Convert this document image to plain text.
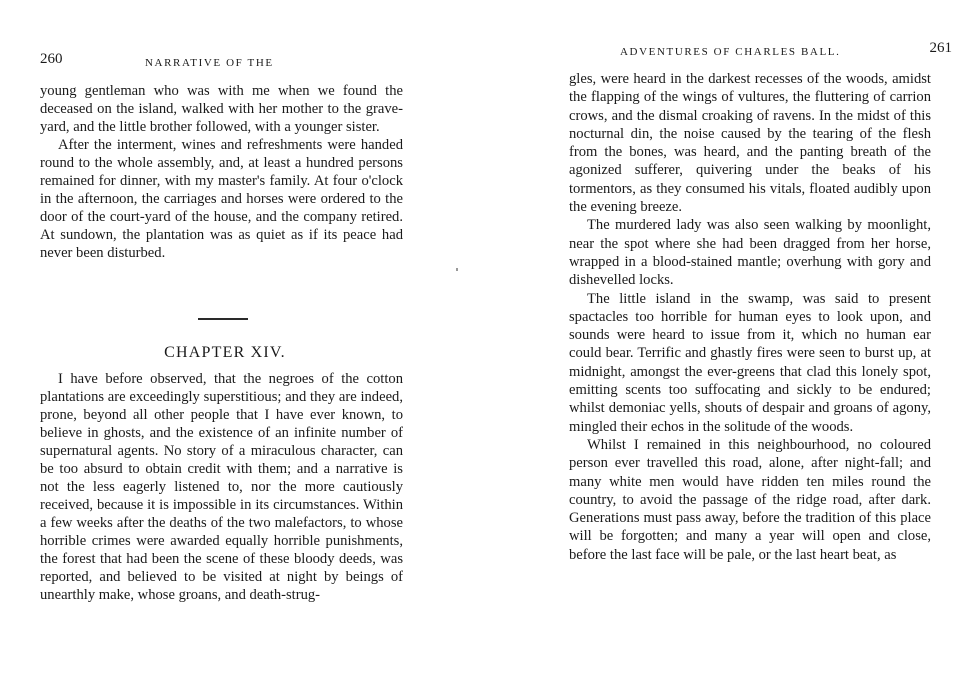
260	NARRATIVE OF THE

young gentleman who was with me when we found the deceased on the island, walked with her mother to the grave-yard, and the little brother followed, with a younger sister.

After the interment, wines and refreshments were handed round to the whole assembly, and, at least a hundred persons remained for dinner, with my master's family. At four o'clock in the afternoon, the carriages and horses were ordered to the door of the court-yard of the house, and the company retired. At sundown, the plantation was as quiet as if its peace had never been disturbed.

CHAPTER XIV.

I have before observed, that the negroes of the cotton plantations are exceedingly superstitious; and they are indeed, prone, beyond all other people that I have ever known, to believe in ghosts, and the existence of an infinite number of supernatural agents. No story of a miraculous character, can be too absurd to obtain credit with them; and a narrative is not the less eagerly listened to, nor the more cautiously received, because it is impossible in its circumstances. Within a few weeks after the deaths of the two malefactors, to whose horrible crimes were awarded equally horrible punishments, the forest that had been the scene of these bloody deeds, was reported, and believed to be visited at night by beings of unearthly make, whose groans, and death-strug-

ADVENTURES OF CHARLES BALL.	261

gles, were heard in the darkest recesses of the woods, amidst the flapping of the wings of vultures, the fluttering of carrion crows, and the dismal croaking of ravens. In the midst of this nocturnal din, the noise caused by the tearing of the flesh from the bones, was heard, and the panting breath of the agonized sufferer, quivering under the beaks of his tormentors, as they consumed his vitals, floated audibly upon the evening breeze.

The murdered lady was also seen walking by moonlight, near the spot where she had been dragged from her horse, wrapped in a blood-stained mantle; overhung with gory and dishevelled locks.

The little island in the swamp, was said to present spactacles too horrible for human eyes to look upon, and sounds were heard to issue from it, which no human ear could bear. Terrific and ghastly fires were seen to burst up, at midnight, amongst the ever-greens that clad this lonely spot, emitting scents too suffocating and sickly to be endured; whilst demoniac yells, shouts of despair and groans of agony, mingled their echos in the solitude of the woods.

Whilst I remained in this neighbourhood, no coloured person ever travelled this road, alone, after night-fall; and many white men would have ridden ten miles round the country, to avoid the passage of the ridge road, after dark. Generations must pass away, before the tradition of this place will be forgotten; and many a year will open and close, before the last face will be pale, or the last heart beat, as
